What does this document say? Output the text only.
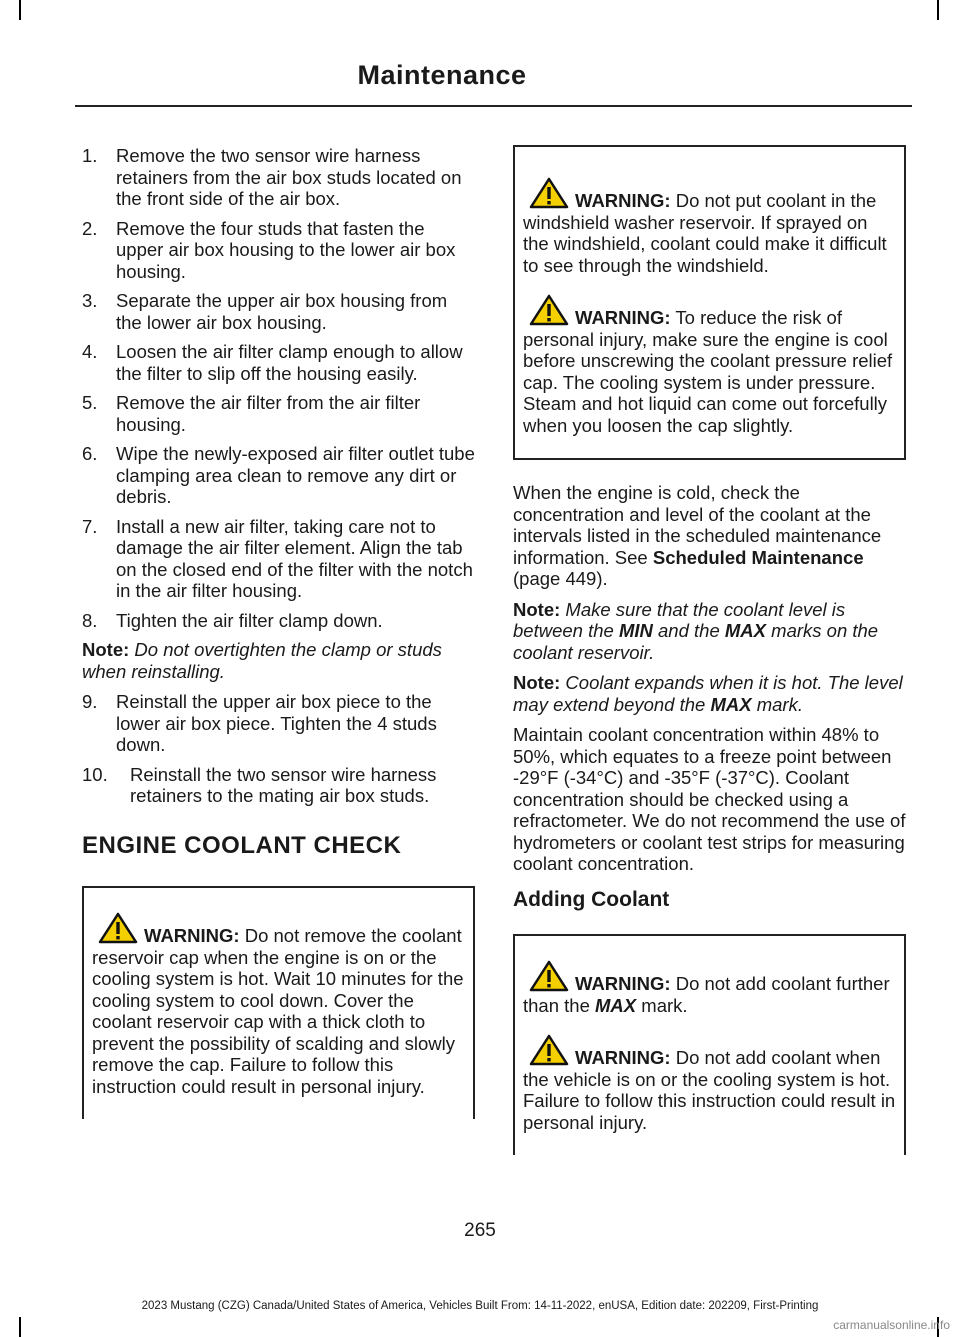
Maintenance
1. Remove the two sensor wire harness retainers from the air box studs located on the front side of the air box.
2. Remove the four studs that fasten the upper air box housing to the lower air box housing.
3. Separate the upper air box housing from the lower air box housing.
4. Loosen the air filter clamp enough to allow the filter to slip off the housing easily.
5. Remove the air filter from the air filter housing.
6. Wipe the newly-exposed air filter outlet tube clamping area clean to remove any dirt or debris.
7. Install a new air filter, taking care not to damage the air filter element. Align the tab on the closed end of the filter with the notch in the air filter housing.
8. Tighten the air filter clamp down.

Note: Do not overtighten the clamp or studs when reinstalling.

9. Reinstall the upper air box piece to the lower air box piece. Tighten the 4 studs down.
10. Reinstall the two sensor wire harness retainers to the mating air box studs.
ENGINE COOLANT CHECK

WARNING: Do not remove the coolant reservoir cap when the engine is on or the cooling system is hot. Wait 10 minutes for the cooling system to cool down. Cover the coolant reservoir cap with a thick cloth to prevent the possibility of scalding and slowly remove the cap. Failure to follow this instruction could result in personal injury.

WARNING: Do not put coolant in the windshield washer reservoir. If sprayed on the windshield, coolant could make it difficult to see through the windshield.

WARNING: To reduce the risk of personal injury, make sure the engine is cool before unscrewing the coolant pressure relief cap. The cooling system is under pressure. Steam and hot liquid can come out forcefully when you loosen the cap slightly.

When the engine is cold, check the concentration and level of the coolant at the intervals listed in the scheduled maintenance information. See Scheduled Maintenance (page 449).

Note: Make sure that the coolant level is between the MIN and the MAX marks on the coolant reservoir.

Note: Coolant expands when it is hot. The level may extend beyond the MAX mark.

Maintain coolant concentration within 48% to 50%, which equates to a freeze point between -29°F (-34°C) and -35°F (-37°C). Coolant concentration should be checked using a refractometer. We do not recommend the use of hydrometers or coolant test strips for measuring coolant concentration.

Adding Coolant

WARNING: Do not add coolant further than the MAX mark.

WARNING: Do not add coolant when the vehicle is on or the cooling system is hot. Failure to follow this instruction could result in personal injury.

265
2023 Mustang (CZG) Canada/United States of America, Vehicles Built From: 14-11-2022, enUSA, Edition date: 202209, First-Printing
carmanualsonline.info
